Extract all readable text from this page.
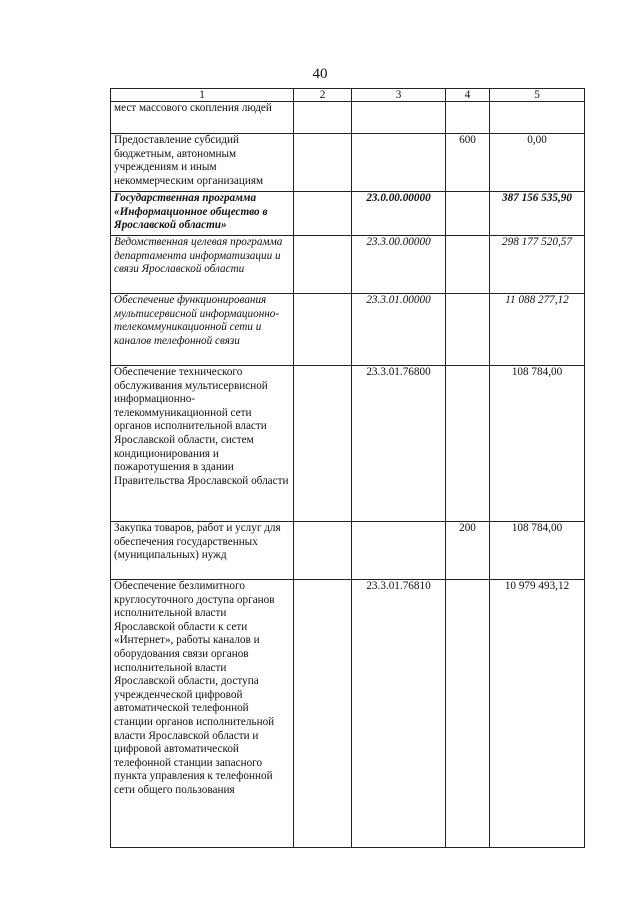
40
1	2	3	4	5
мест массового скопления людей				
Предоставление субсидий бюджетным, автономным учреждениям и иным некоммерческим организациям			600	0,00
Государственная программа «Информационное общество в Ярославской области»		23.0.00.00000		387 156 535,90
Ведомственная целевая программа департамента информатизации и связи Ярославской области		23.3.00.00000		298 177 520,57
Обеспечение функционирования мультисервисной информационно-телекоммуникационной сети и каналов телефонной связи		23.3.01.00000		11 088 277,12
Обеспечение технического обслуживания мультисервисной информационно-телекоммуникационной сети органов исполнительной власти Ярославской области, систем кондиционирования и пожаротушения в здании Правительства Ярославской области		23.3.01.76800		108 784,00
Закупка товаров, работ и услуг для обеспечения государственных (муниципальных) нужд			200	108 784,00
Обеспечение безлимитного круглосуточного доступа органов исполнительной власти Ярославской области к сети «Интернет», работы каналов и оборудования связи органов исполнительной власти Ярославской области, доступа учрежденческой цифровой автоматической телефонной станции органов исполнительной власти Ярославской области и цифровой автоматической телефонной станции запасного пункта управления к телефонной сети общего пользования		23.3.01.76810		10 979 493,12
